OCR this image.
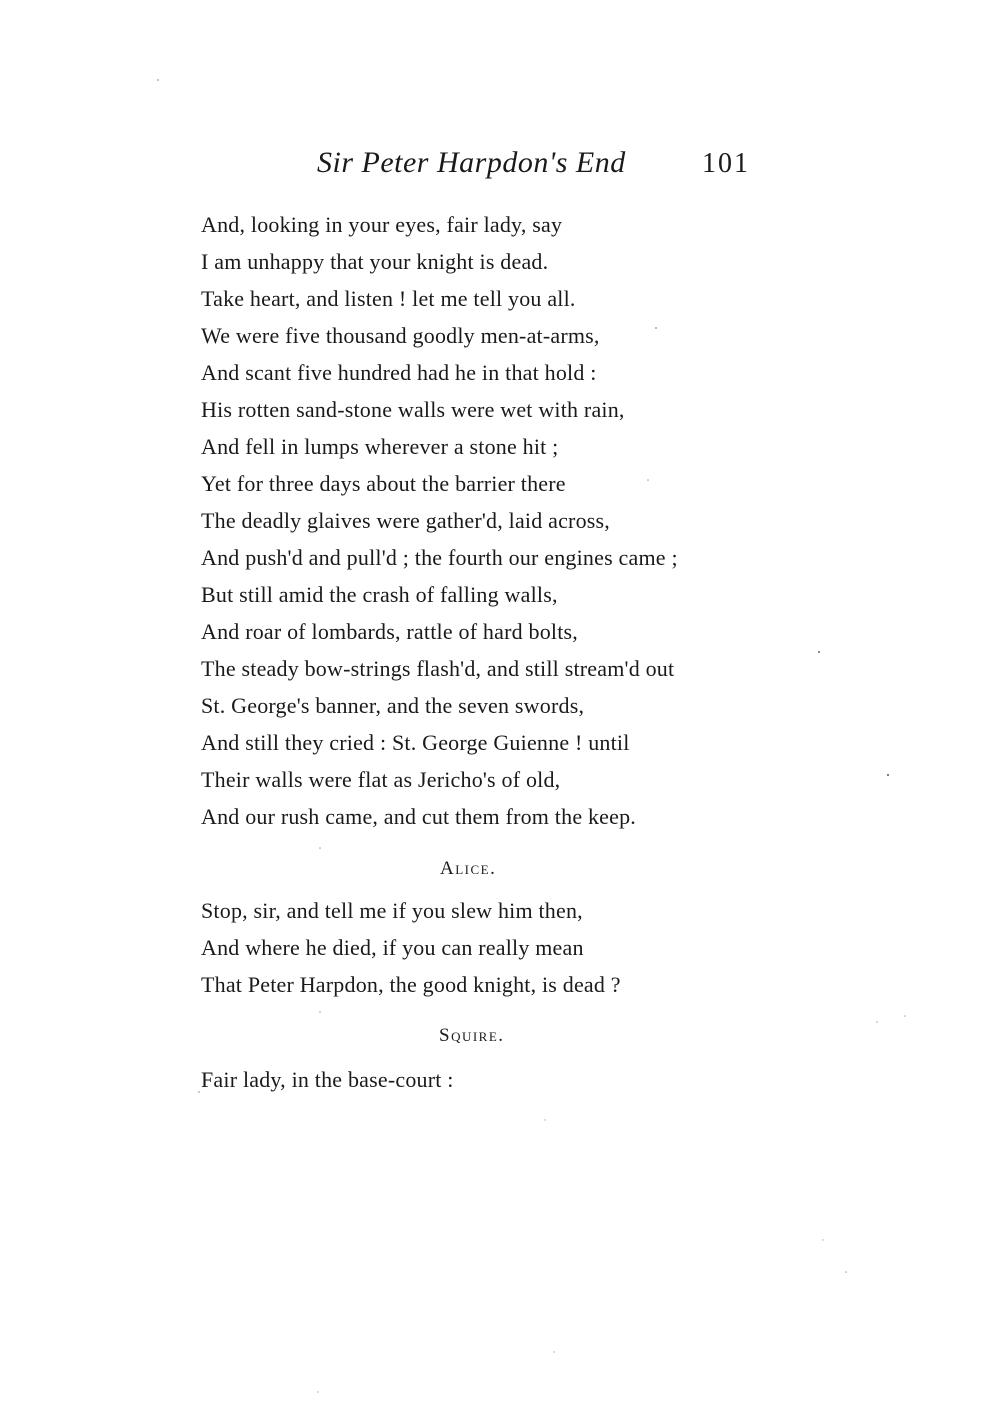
Sir Peter Harpdon's End	101
And, looking in your eyes, fair lady, say
I am unhappy that your knight is dead.
Take heart, and listen ! let me tell you all.
We were five thousand goodly men-at-arms,
And scant five hundred had he in that hold :
His rotten sand-stone walls were wet with rain,
And fell in lumps wherever a stone hit ;
Yet for three days about the barrier there
The deadly glaives were gather'd, laid across,
And push'd and pull'd ; the fourth our engines came ;
But still amid the crash of falling walls,
And roar of lombards, rattle of hard bolts,
The steady bow-strings flash'd, and still stream'd out
St. George's banner, and the seven swords,
And still they cried : St. George Guienne ! until
Their walls were flat as Jericho's of old,
And our rush came, and cut them from the keep.
Alice.
Stop, sir, and tell me if you slew him then,
And where he died, if you can really mean
That Peter Harpdon, the good knight, is dead ?
Squire.
Fair lady, in the base-court :
